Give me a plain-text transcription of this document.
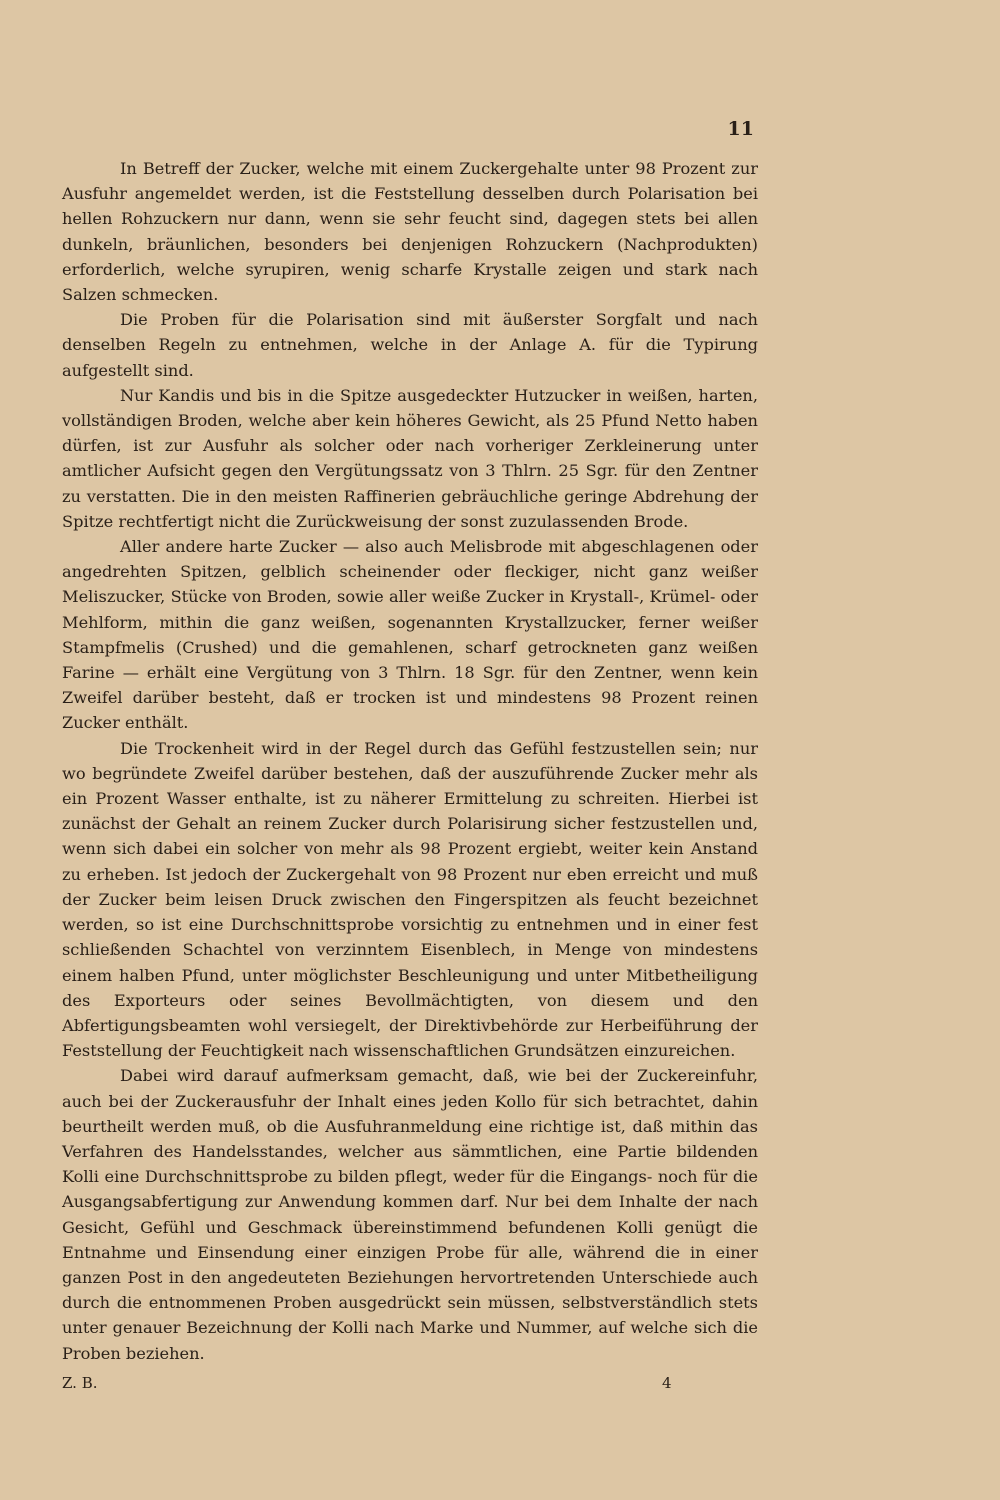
11

In Betreff der Zucker, welche mit einem Zuckergehalte unter 98 Prozent zur Ausfuhr angemeldet werden, ist die Feststellung desselben durch Polarisation bei hellen Rohzuckern nur dann, wenn sie sehr feucht sind, dagegen stets bei allen dunkeln, bräunlichen, besonders bei denjenigen Rohzuckern (Nachprodukten) erforderlich, welche syrupiren, wenig scharfe Krystalle zeigen und stark nach Salzen schmecken.

Die Proben für die Polarisation sind mit äußerster Sorgfalt und nach denselben Regeln zu entnehmen, welche in der Anlage A. für die Typirung aufgestellt sind.

Nur Kandis und bis in die Spitze ausgedeckter Hutzucker in weißen, harten, vollständigen Broden, welche aber kein höheres Gewicht, als 25 Pfund Netto haben dürfen, ist zur Ausfuhr als solcher oder nach vorheriger Zerkleinerung unter amtlicher Aufsicht gegen den Vergütungssatz von 3 Thlrn. 25 Sgr. für den Zentner zu verstatten. Die in den meisten Raffinerien gebräuchliche geringe Abdrehung der Spitze rechtfertigt nicht die Zurückweisung der sonst zuzulassenden Brode.

Aller andere harte Zucker — also auch Melisbrode mit abgeschlagenen oder angedrehten Spitzen, gelblich scheinender oder fleckiger, nicht ganz weißer Meliszucker, Stücke von Broden, sowie aller weiße Zucker in Krystall-, Krümel- oder Mehlform, mithin die ganz weißen, sogenannten Krystallzucker, ferner weißer Stampfmelis (Crushed) und die gemahlenen, scharf getrockneten ganz weißen Farine — erhält eine Vergütung von 3 Thlrn. 18 Sgr. für den Zentner, wenn kein Zweifel darüber besteht, daß er trocken ist und mindestens 98 Prozent reinen Zucker enthält.

Die Trockenheit wird in der Regel durch das Gefühl festzustellen sein; nur wo begründete Zweifel darüber bestehen, daß der auszuführende Zucker mehr als ein Prozent Wasser enthalte, ist zu näherer Ermittelung zu schreiten. Hierbei ist zunächst der Gehalt an reinem Zucker durch Polarisirung sicher festzustellen und, wenn sich dabei ein solcher von mehr als 98 Prozent ergiebt, weiter kein Anstand zu erheben. Ist jedoch der Zuckergehalt von 98 Prozent nur eben erreicht und muß der Zucker beim leisen Druck zwischen den Fingerspitzen als feucht bezeichnet werden, so ist eine Durchschnittsprobe vorsichtig zu entnehmen und in einer fest schließenden Schachtel von verzinntem Eisenblech, in Menge von mindestens einem halben Pfund, unter möglichster Beschleunigung und unter Mitbetheiligung des Exporteurs oder seines Bevollmächtigten, von diesem und den Abfertigungsbeamten wohl versiegelt, der Direktivbehörde zur Herbeiführung der Feststellung der Feuchtigkeit nach wissenschaftlichen Grundsätzen einzureichen.

Dabei wird darauf aufmerksam gemacht, daß, wie bei der Zuckereinfuhr, auch bei der Zuckerausfuhr der Inhalt eines jeden Kollo für sich betrachtet, dahin beurtheilt werden muß, ob die Ausfuhranmeldung eine richtige ist, daß mithin das Verfahren des Handelsstandes, welcher aus sämmtlichen, eine Partie bildenden Kolli eine Durchschnittsprobe zu bilden pflegt, weder für die Eingangs- noch für die Ausgangsabfertigung zur Anwendung kommen darf. Nur bei dem Inhalte der nach Gesicht, Gefühl und Geschmack übereinstimmend befundenen Kolli genügt die Entnahme und Einsendung einer einzigen Probe für alle, während die in einer ganzen Post in den angedeuteten Beziehungen hervortretenden Unterschiede auch durch die entnommenen Proben ausgedrückt sein müssen, selbstverständlich stets unter genauer Bezeichnung der Kolli nach Marke und Nummer, auf welche sich die Proben beziehen.

Z. B.	4
